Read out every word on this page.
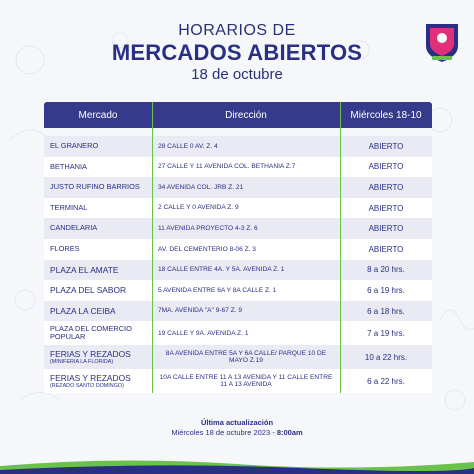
HORARIOS DE
MERCADOS ABIERTOS
18 de octubre
Mercado	Dirección	Miércoles 18-10
EL GRANERO	28 CALLE 0 AV. Z. 4	ABIERTO
BETHANIA	27 CALLE Y 11 AVENIDA COL. BETHANIA Z.7	ABIERTO
JUSTO RUFINO BARRIOS	34 AVENIDA COL. JRB Z. 21	ABIERTO
TERMINAL	2 CALLE Y 0 AVENIDA Z. 9	ABIERTO
CANDELARIA	11 AVENIDA PROYECTO 4-3 Z. 6	ABIERTO
FLORES	AV. DEL CEMENTERIO 8-06 Z. 3	ABIERTO
PLAZA EL AMATE	18 CALLE ENTRE 4A. Y 5A. AVENIDA Z. 1	8 a 20 hrs.
PLAZA DEL SABOR	5 AVENIDA ENTRE 6A Y 8A CALLE Z. 1	6 a 19 hrs.
PLAZA LA CEIBA	7MA. AVENIDA "A" 9-67 Z. 9	6 a 18 hrs.
PLAZA DEL COMERCIO POPULAR	19 CALLE Y 9A. AVENIDA Z. 1	7 a 19 hrs.
FERIAS Y REZADOS
(MINIFERIA LA FLORIDA)
8A AVENIDA ENTRE 5A Y 6A CALLE/ PARQUE 10 DE MAYO Z.19	10 a 22 hrs.
FERIAS Y REZADOS
(REZADO SANTO DOMINGO)
10A CALLE ENTRE 11 A 13 AVENIDA Y 11 CALLE ENTRE 11 A 13 AVENIDA	6 a 22 hrs.
Última actualización
Miércoles 18 de octubre 2023 - 8:00am
